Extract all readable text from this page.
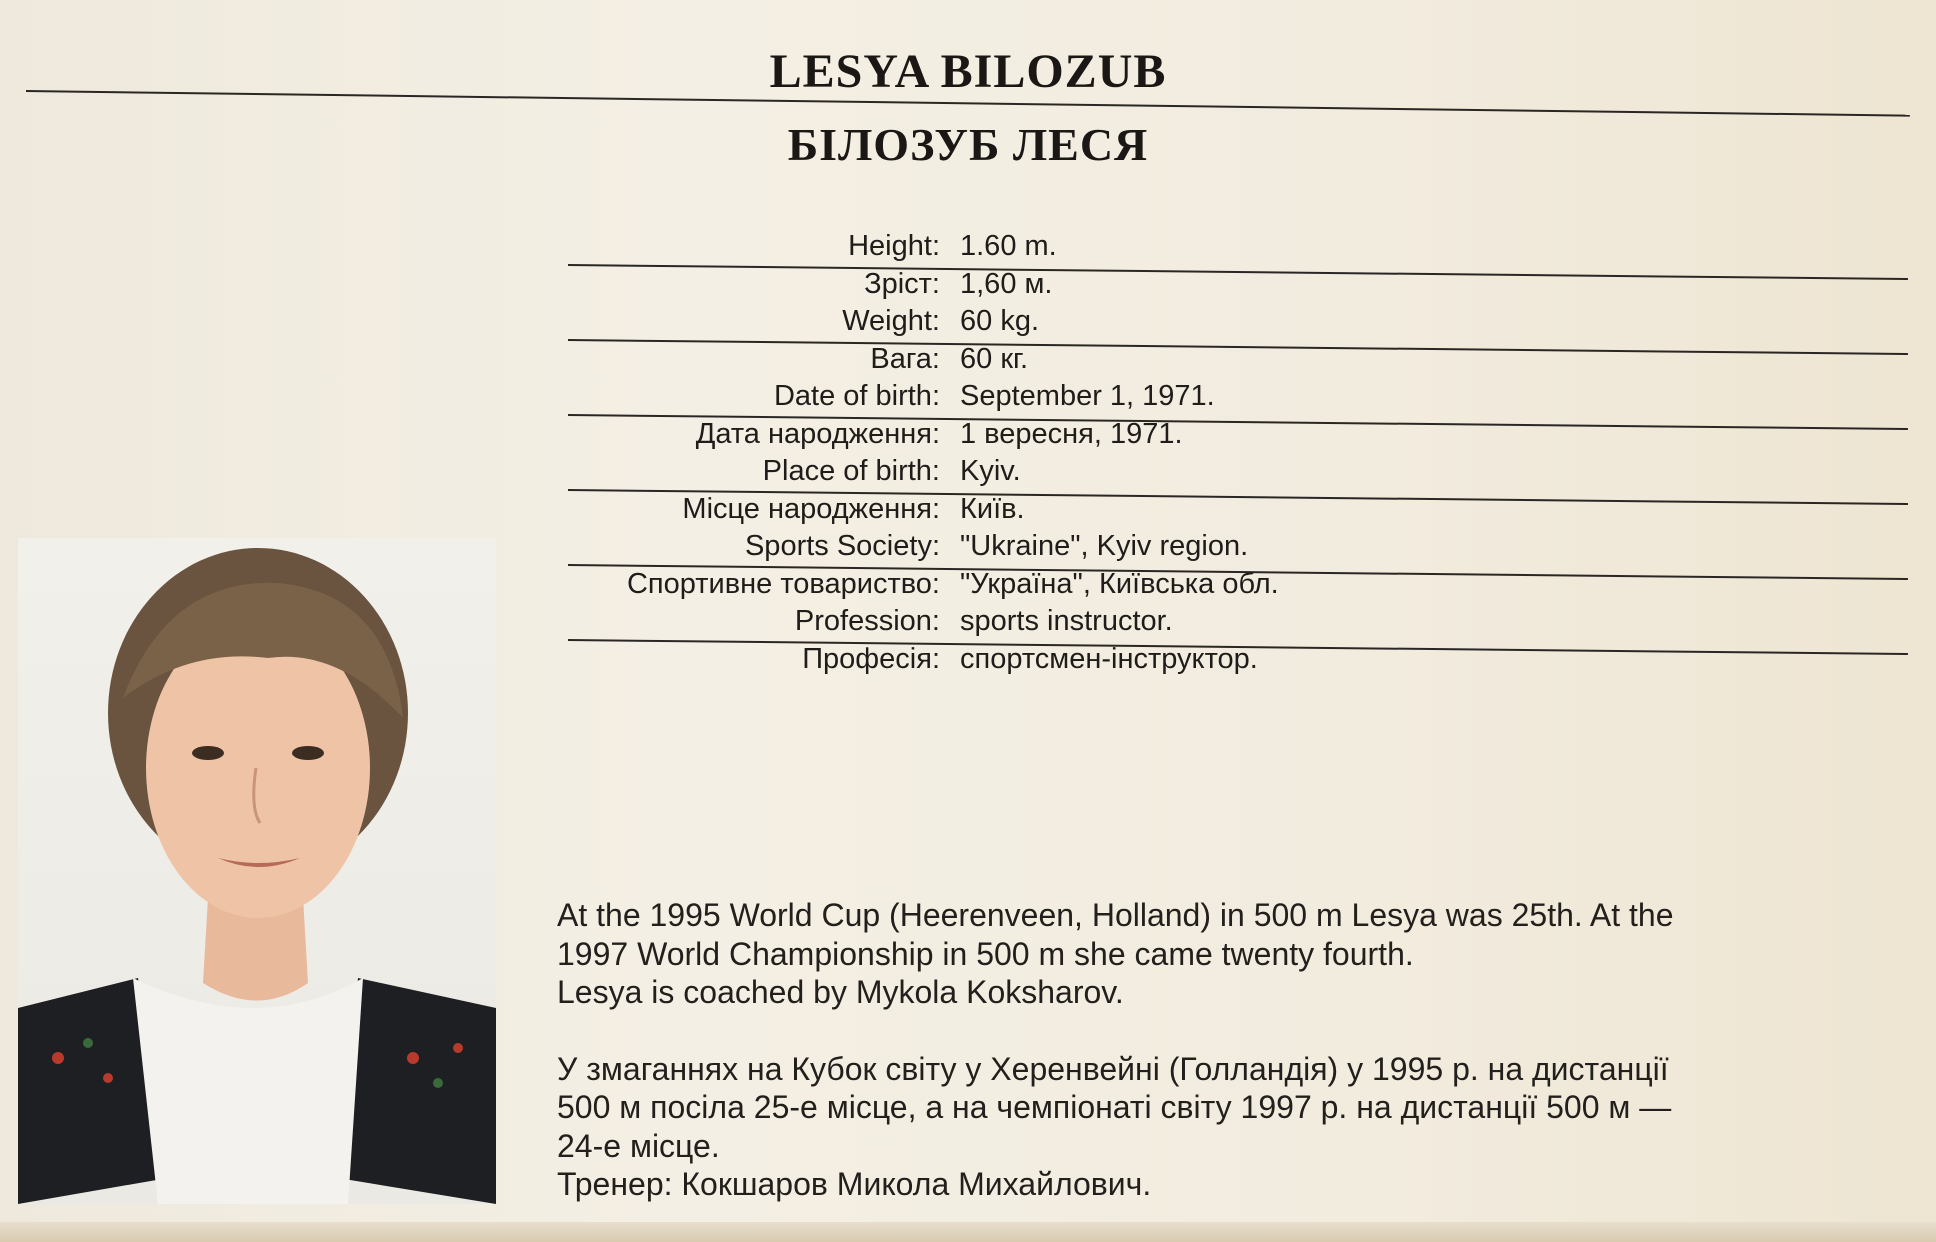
LESYA BILOZUB
БІЛОЗУБ ЛЕСЯ
Height: 1.60 m.
Зріст: 1,60 м.
Weight: 60 kg.
Вага: 60 кг.
Date of birth: September 1, 1971.
Дата народження: 1 вересня, 1971.
Place of birth: Kyiv.
Місце народження: Київ.
Sports Society: "Ukraine", Kyiv region.
Спортивне товариство: "Україна", Київська обл.
Profession: sports instructor.
Професія: спортсмен-інструктор.

At the 1995 World Cup (Heerenveen, Holland) in 500 m Lesya was 25th. At the

1997 World Championship in 500 m she came twenty fourth.

Lesya is coached by Mykola Koksharov.

У змаганнях на Кубок світу у Херенвейні (Голландія) у 1995 р. на дистанції

500 м посіла 25-е місце, а на чемпіонаті світу 1997 р. на дистанції 500 м —

24-е місце.

Тренер: Кокшаров Микола Михайлович.
